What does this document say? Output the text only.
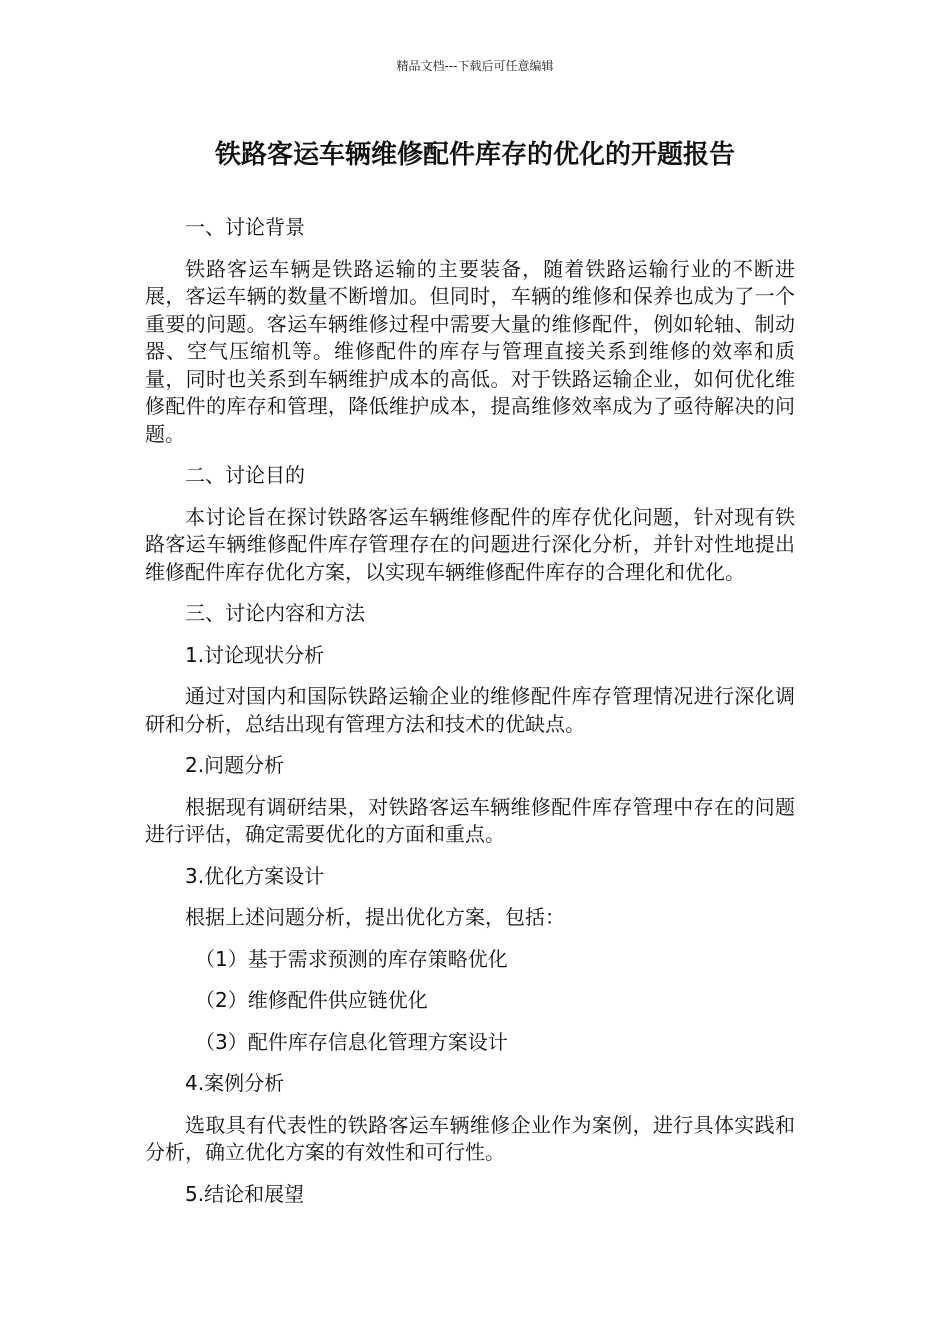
精品文档---下载后可任意编辑
铁路客运车辆维修配件库存的优化的开题报告

一、讨论背景

铁路客运车辆是铁路运输的主要装备，随着铁路运输行业的不断进展，客运车辆的数量不断增加。但同时，车辆的维修和保养也成为了一个重要的问题。客运车辆维修过程中需要大量的维修配件，例如轮轴、制动器、空气压缩机等。维修配件的库存与管理直接关系到维修的效率和质量，同时也关系到车辆维护成本的高低。对于铁路运输企业，如何优化维修配件的库存和管理，降低维护成本，提高维修效率成为了亟待解决的问题。

二、讨论目的

本讨论旨在探讨铁路客运车辆维修配件的库存优化问题，针对现有铁路客运车辆维修配件库存管理存在的问题进行深化分析，并针对性地提出维修配件库存优化方案，以实现车辆维修配件库存的合理化和优化。

三、讨论内容和方法

1.讨论现状分析

通过对国内和国际铁路运输企业的维修配件库存管理情况进行深化调研和分析，总结出现有管理方法和技术的优缺点。

2.问题分析

根据现有调研结果，对铁路客运车辆维修配件库存管理中存在的问题进行评估，确定需要优化的方面和重点。

3.优化方案设计

根据上述问题分析，提出优化方案，包括：

（1）基于需求预测的库存策略优化

（2）维修配件供应链优化

（3）配件库存信息化管理方案设计

4.案例分析

选取具有代表性的铁路客运车辆维修企业作为案例，进行具体实践和分析，确立优化方案的有效性和可行性。

5.结论和展望
